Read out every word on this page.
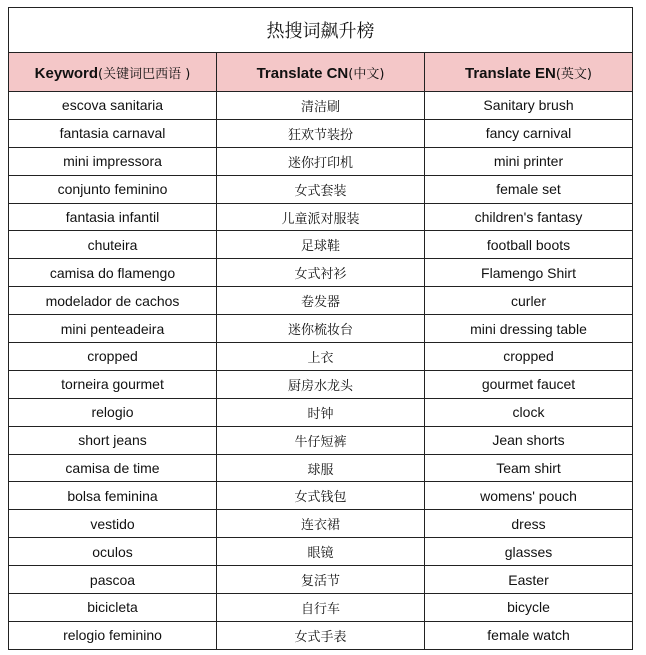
热搜词飙升榜		
Keyword(关键词巴西语 )	Translate CN(中文)	Translate EN(英文)
escova sanitaria	清洁刷	Sanitary brush
fantasia carnaval	狂欢节装扮	fancy carnival
mini impressora	迷你打印机	mini printer
conjunto feminino	女式套装	female set
fantasia infantil	儿童派对服装	children's fantasy
chuteira	足球鞋	football boots
camisa do flamengo	女式衬衫	Flamengo Shirt
modelador de cachos	卷发器	curler
mini penteadeira	迷你梳妆台	mini dressing table
cropped	上衣	cropped
torneira gourmet	厨房水龙头	gourmet faucet
relogio	时钟	clock
short jeans	牛仔短裤	Jean shorts
camisa de time	球服	Team shirt
bolsa feminina	女式钱包	womens' pouch
vestido	连衣裙	dress
oculos	眼镜	glasses
pascoa	复活节	Easter
bicicleta	自行车	bicycle
relogio feminino	女式手表	female watch
